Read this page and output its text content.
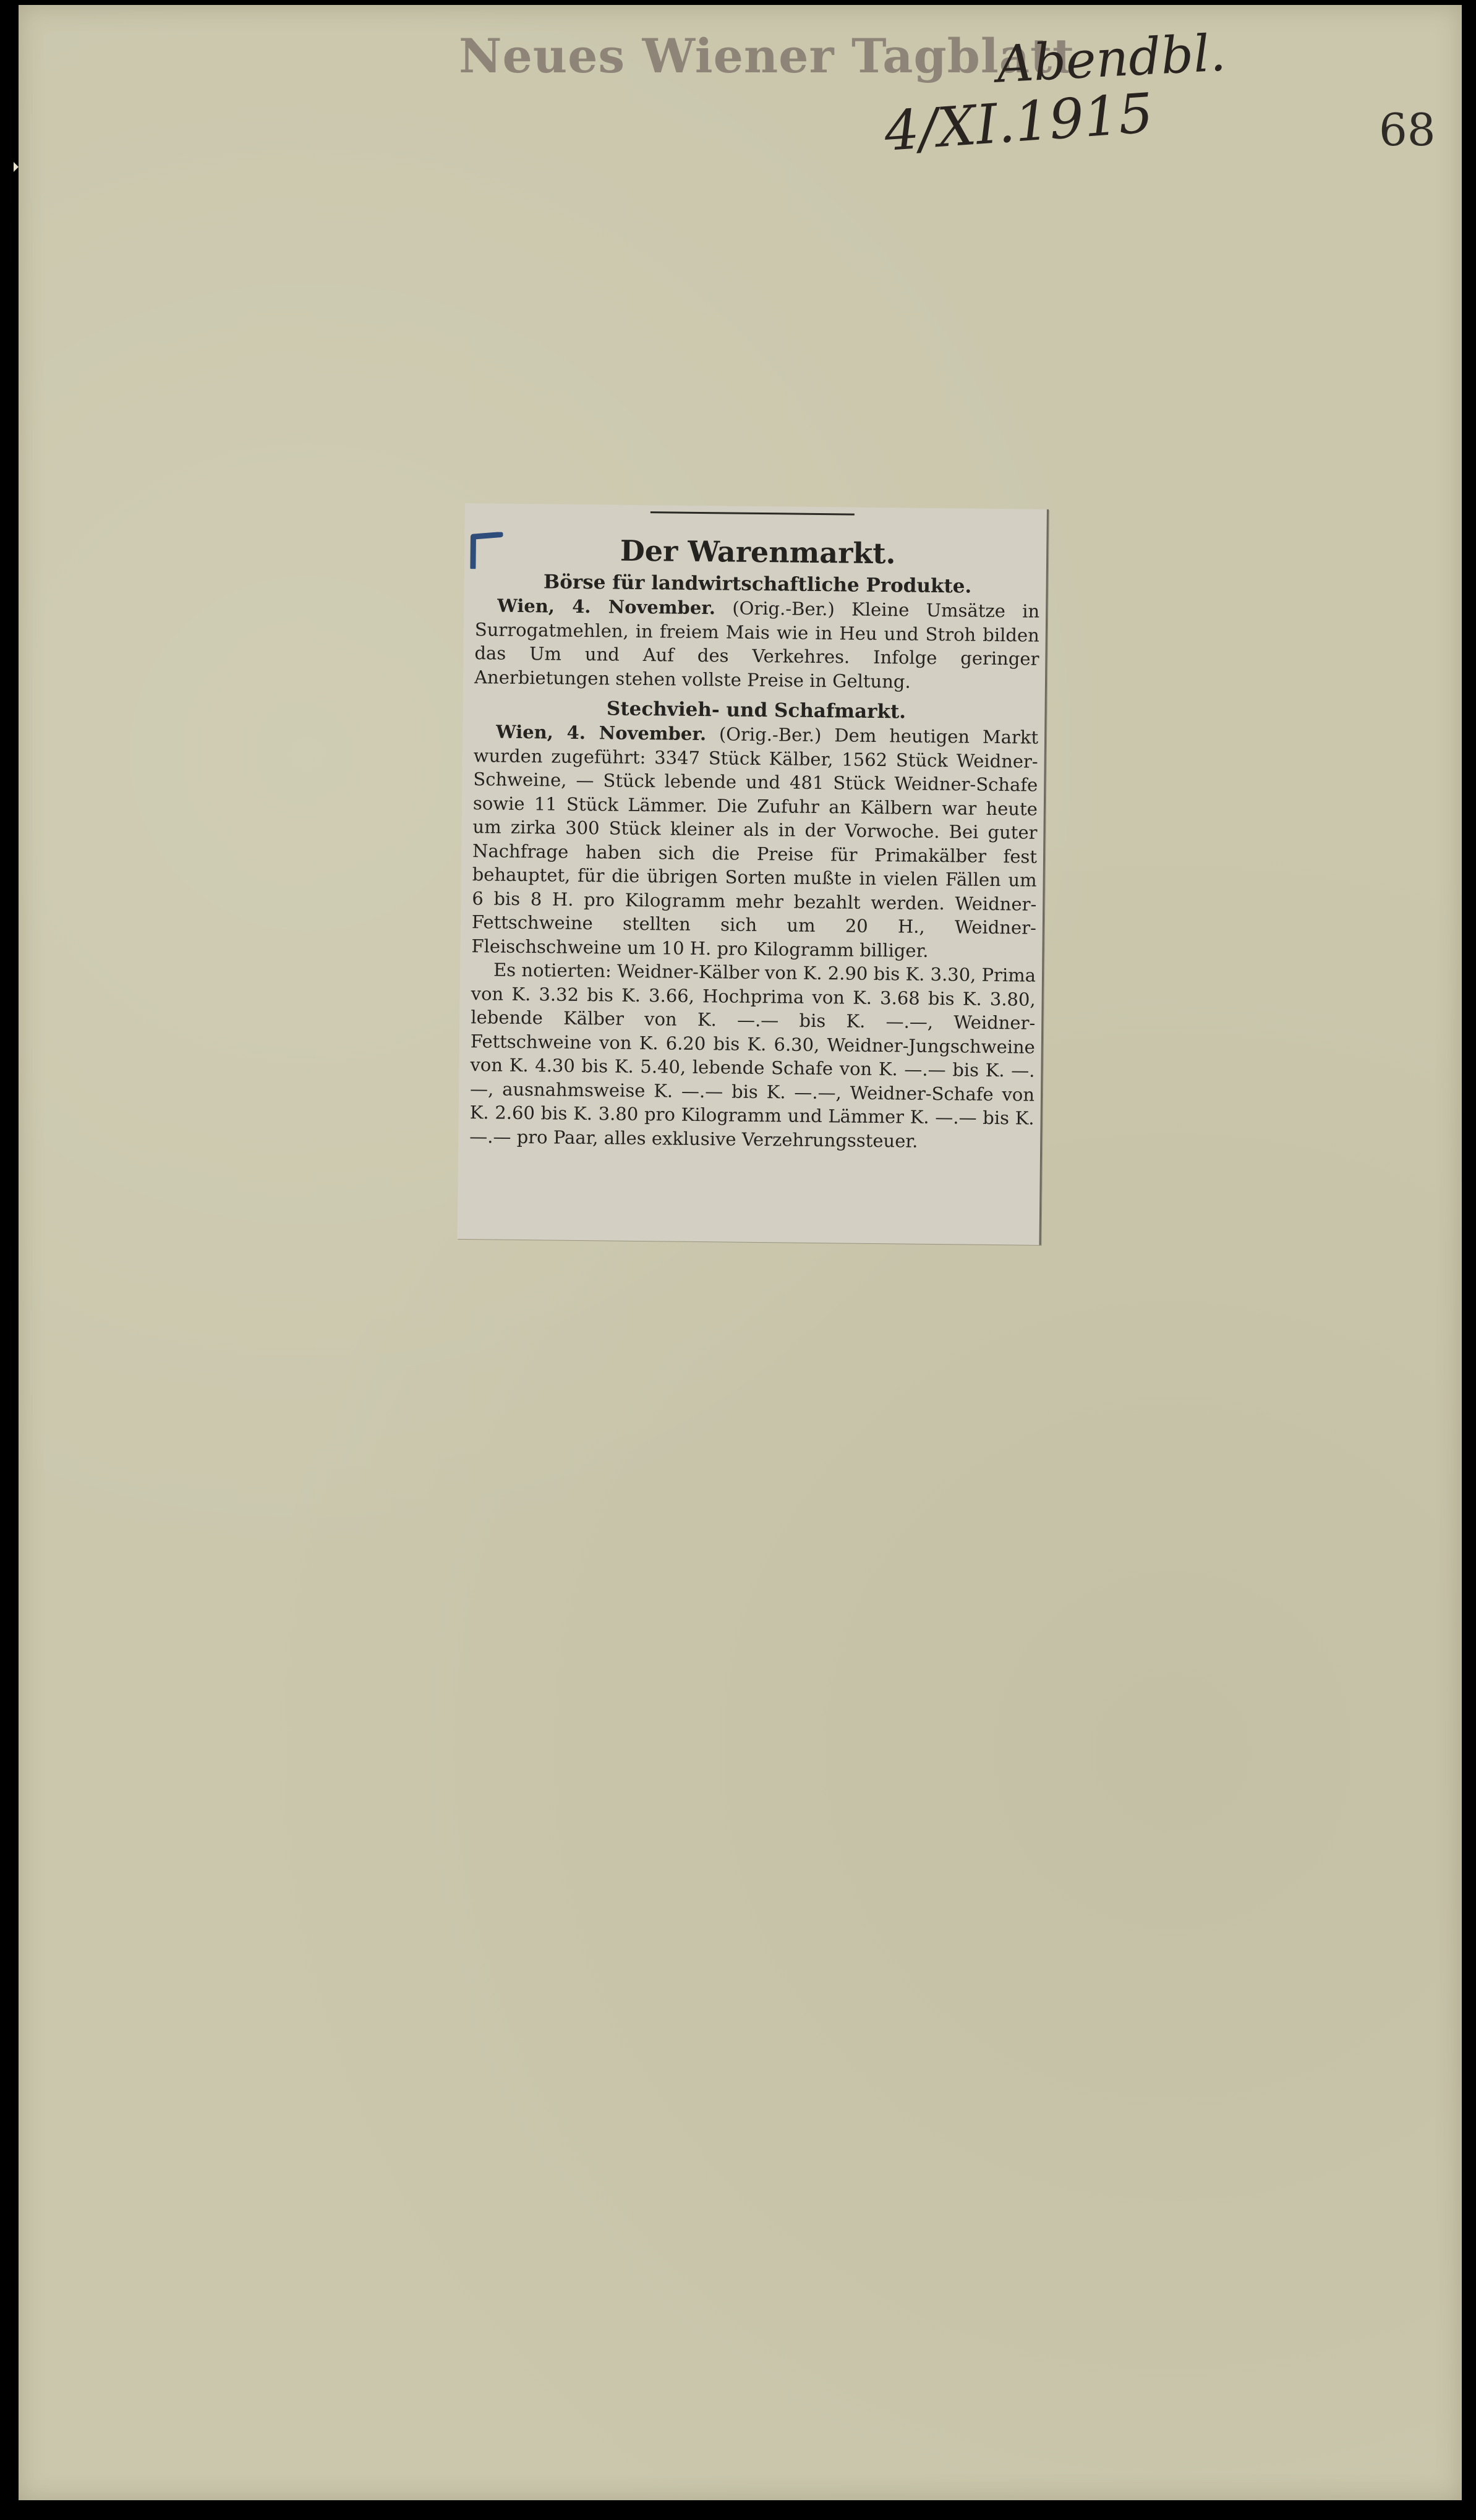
Neues Wiener Tagblatt
Abendbl.
4/XI.1915	68
Der Warenmarkt.
Börse für landwirtschaftliche Produkte.

Wien, 4. November. (Orig.-Ber.) Kleine Umsätze in Surrogatmehlen, in freiem Mais wie in Heu und Stroh bilden das Um und Auf des Verkehres. Infolge geringer Anerbietungen stehen vollste Preise in Geltung.

Stechvieh- und Schafmarkt.

Wien, 4. November. (Orig.-Ber.) Dem heutigen Markt wurden zugeführt: 3347 Stück Kälber, 1562 Stück Weidner-Schweine, — Stück lebende und 481 Stück Weidner-Schafe sowie 11 Stück Lämmer. Die Zufuhr an Kälbern war heute um zirka 300 Stück kleiner als in der Vorwoche. Bei guter Nachfrage haben sich die Preise für Primakälber fest behauptet, für die übrigen Sorten mußte in vielen Fällen um 6 bis 8 H. pro Kilogramm mehr bezahlt werden. Weidner-Fettschweine stellten sich um 20 H., Weidner-Fleischschweine um 10 H. pro Kilogramm billiger.

Es notierten: Weidner-Kälber von K. 2.90 bis K. 3.30, Prima von K. 3.32 bis K. 3.66, Hochprima von K. 3.68 bis K. 3.80, lebende Kälber von K. —.— bis K. —.—, Weidner-Fettschweine von K. 6.20 bis K. 6.30, Weidner-Jungschweine von K. 4.30 bis K. 5.40, lebende Schafe von K. —.— bis K. —.—, ausnahmsweise K. —.— bis K. —.—, Weidner-Schafe von K. 2.60 bis K. 3.80 pro Kilogramm und Lämmer K. —.— bis K. —.— pro Paar, alles exklusive Verzehrungssteuer.
